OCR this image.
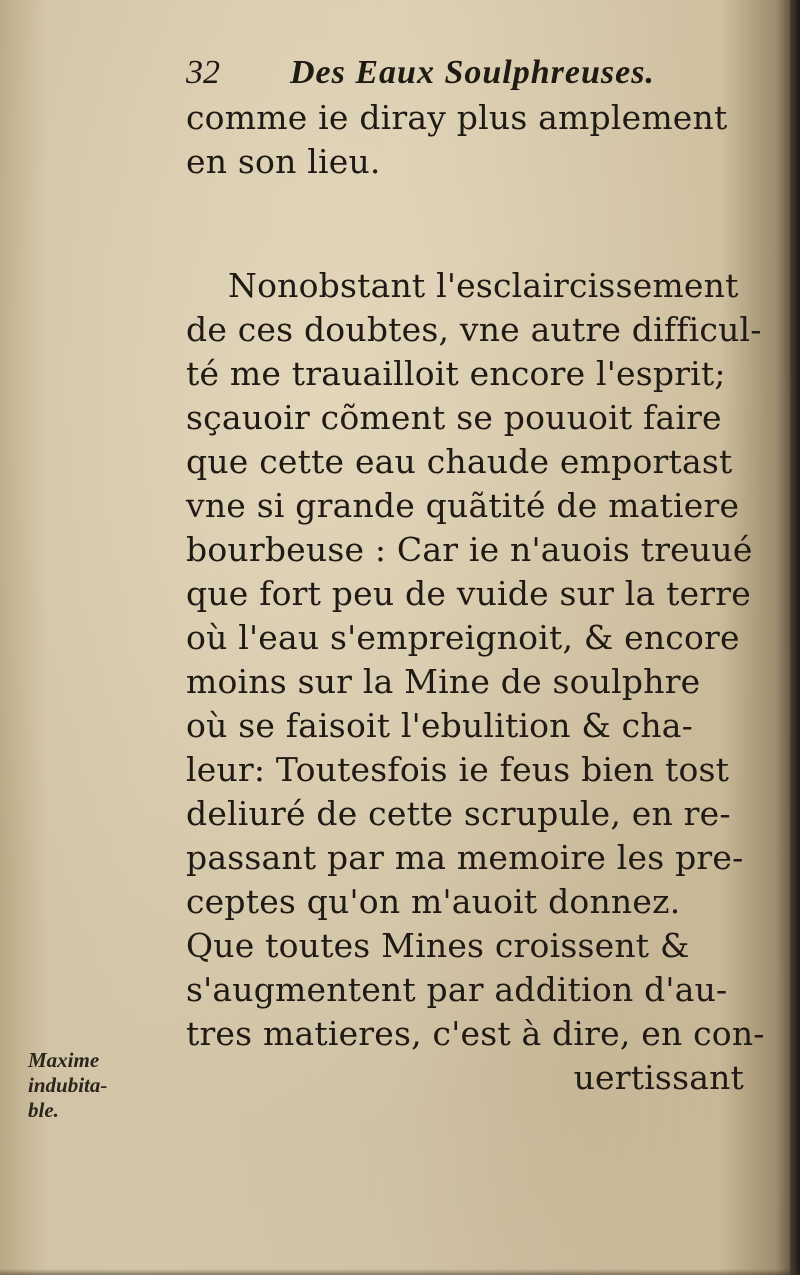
32 Des Eaux Soulphreuses.
comme ie diray plus amplement
en son lieu.
Nonobstant l'esclaircissement
de ces doubtes, vne autre difficul-
té me trauailloit encore l'esprit;
sçauoir cõment se pouuoit faire
que cette eau chaude emportast
vne si grande quãtité de matiere
bourbeuse : Car ie n'auois treuué
que fort peu de vuide sur la terre
où l'eau s'empreignoit, & encore
moins sur la Mine de soulphre
où se faisoit l'ebulition & cha-
leur: Toutesfois ie feus bien tost
deliuré de cette scrupule, en re-
passant par ma memoire les pre-
ceptes qu'on m'auoit donnez.
Que toutes Mines croissent &
s'augmentent par addition d'au-
tres matieres, c'est à dire, en con-
uertissant
Maxime
indubita-
ble.
